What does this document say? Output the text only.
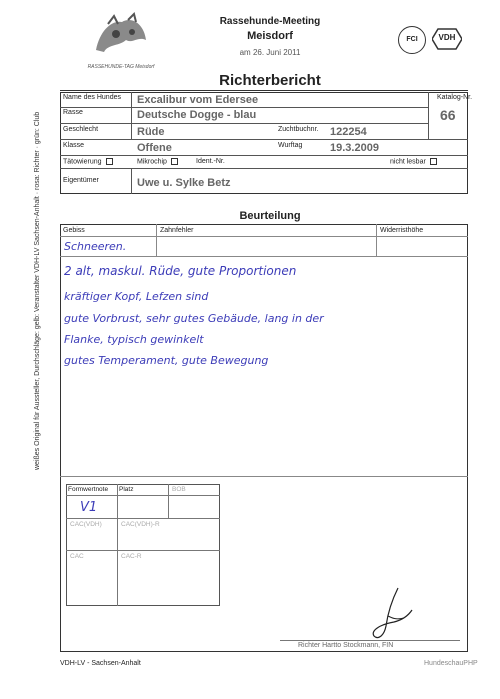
RASSEHUNDE-TAG Meisdorf
Rassehunde-Meeting
Meisdorf
am 26. Juni 2011
FCI	VDH
Richterbericht
Name des Hundes Excalibur vom Edersee	Katalog-Nr.
66
Rasse	Deutsche Dogge - blau
Geschlecht	Rüde	Zuchtbuchnr. 122254
Klasse	Offene	Wurftag	19.3.2009
Tätowierung	Mikrochip	Ident.-Nr.	nicht lesbar
Eigentümer	Uwe u. Sylke Betz
Beurteilung
Gebiss	Zahnfehler	Widerristhöhe
Schneeren.
2 alt, maskul. Rüde, gute Proportionen
kräftiger Kopf, Lefzen sind
gute Vorbrust, sehr gutes Gebäude, lang in der
Flanke, typisch gewinkelt
gutes Temperament, gute Bewegung
Formwertnote Platz	BOB
V1
CAC(VDH)	CAC(VDH)-R
CAC	CAC-R
Richter Hartto Stockmann, FIN
weißes Original für Aussteller, Durchschläge: gelb: Veranstalter VDH-LV Sachsen-Anhalt · rosa: Richter · grün: Club
VDH-LV - Sachsen-Anhalt	HundeschauPHP
